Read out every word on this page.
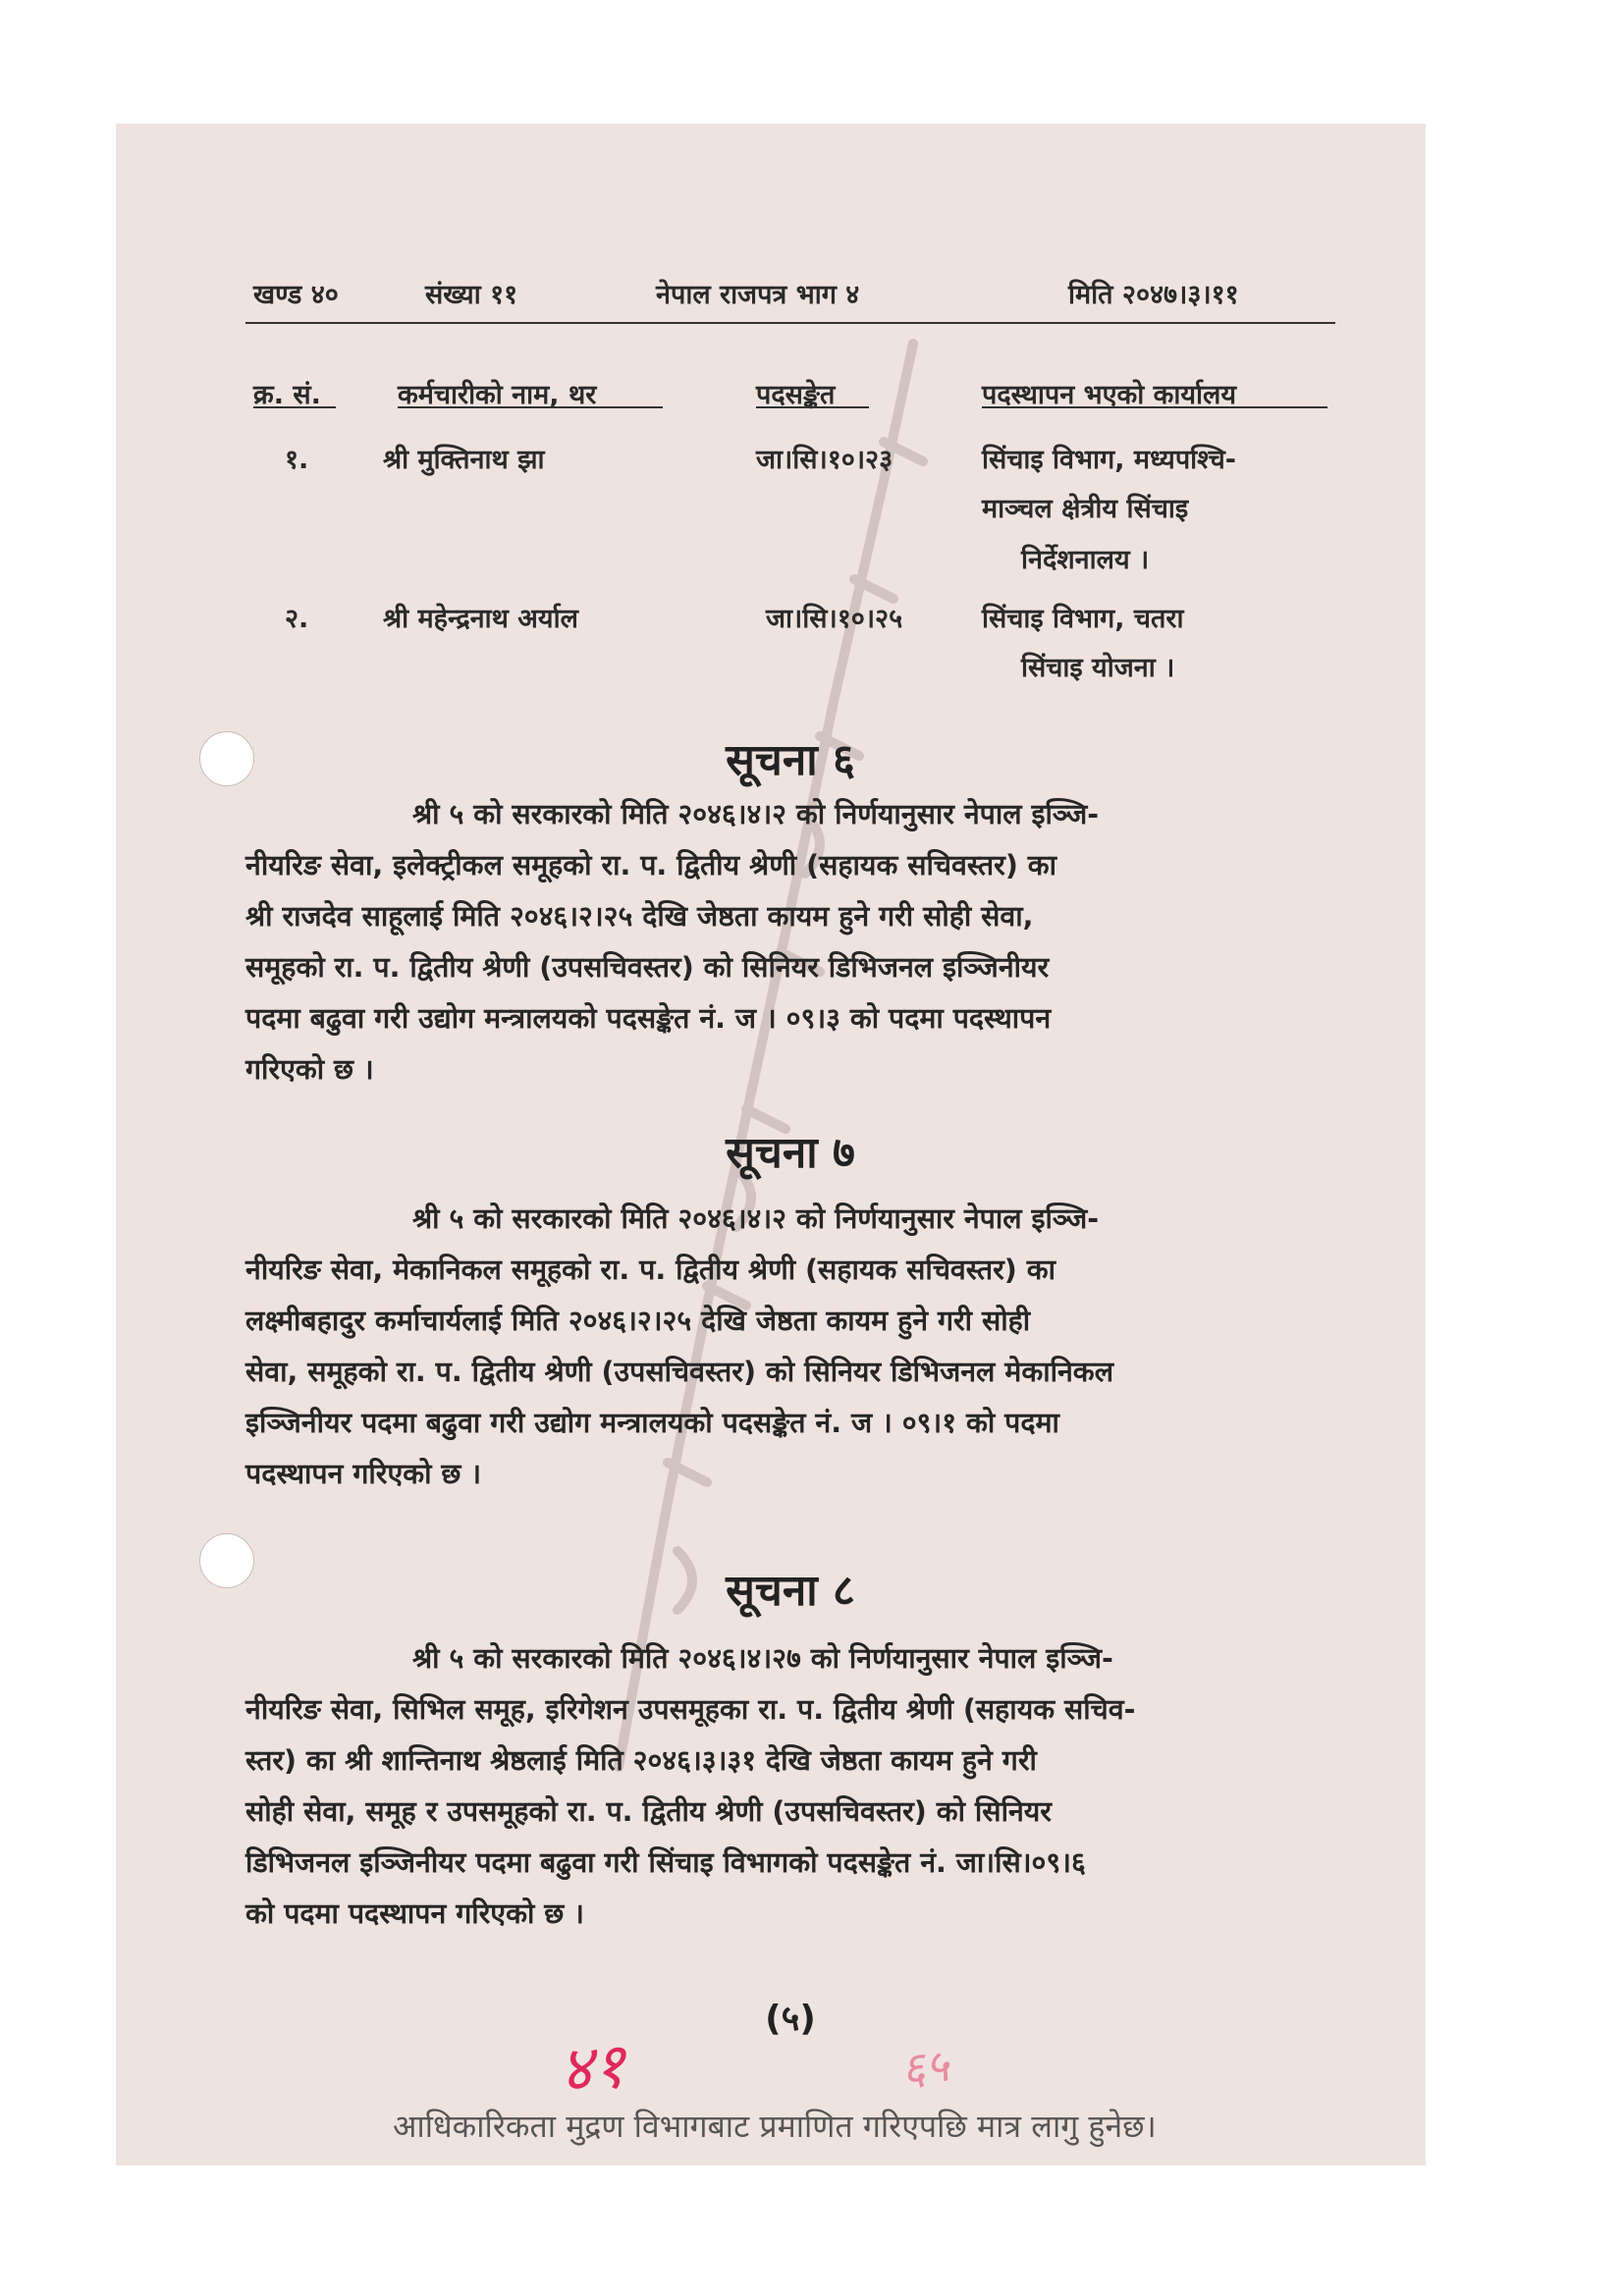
खण्ड ४०	संख्या ११	नेपाल राजपत्र भाग ४	मिति २०४७।३।११
क्र. सं.	कर्मचारीको नाम, थर	पदसङ्केत	पदस्थापन भएको कार्यालय
१.	श्री मुक्तिनाथ झा	जा।सि।१०।२३	सिंचाइ विभाग, मध्यपश्चि-
माञ्चल क्षेत्रीय सिंचाइ
निर्देशनालय ।
२.	श्री महेन्द्रनाथ अर्याल	जा।सि।१०।२५	सिंचाइ विभाग, चतरा
सिंचाइ योजना ।
सूचना ६
श्री ५ को सरकारको मिति २०४६।४।२ को निर्णयानुसार नेपाल इञ्जि-
नीयरिङ सेवा, इलेक्ट्रीकल समूहको रा. प. द्वितीय श्रेणी (सहायक सचिवस्तर) का
श्री राजदेव साहूलाई मिति २०४६।२।२५ देखि जेष्ठता कायम हुने गरी सोही सेवा,
समूहको रा. प. द्वितीय श्रेणी (उपसचिवस्तर) को सिनियर डिभिजनल इञ्जिनीयर
पदमा बढुवा गरी उद्योग मन्त्रालयको पदसङ्केत नं. ज । ०९।३ को पदमा पदस्थापन
गरिएको छ ।
सूचना ७
श्री ५ को सरकारको मिति २०४६।४।२ को निर्णयानुसार नेपाल इञ्जि-
नीयरिङ सेवा, मेकानिकल समूहको रा. प. द्वितीय श्रेणी (सहायक सचिवस्तर) का
लक्ष्मीबहादुर कर्माचार्यलाई मिति २०४६।२।२५ देखि जेष्ठता कायम हुने गरी सोही
सेवा, समूहको रा. प. द्वितीय श्रेणी (उपसचिवस्तर) को सिनियर डिभिजनल मेकानिकल
इञ्जिनीयर पदमा बढुवा गरी उद्योग मन्त्रालयको पदसङ्केत नं. ज । ०९।१ को पदमा
पदस्थापन गरिएको छ ।
सूचना ८
श्री ५ को सरकारको मिति २०४६।४।२७ को निर्णयानुसार नेपाल इञ्जि-
नीयरिङ सेवा, सिभिल समूह, इरिगेशन उपसमूहका रा. प. द्वितीय श्रेणी (सहायक सचिव-
स्तर) का श्री शान्तिनाथ श्रेष्ठलाई मिति २०४६।३।३१ देखि जेष्ठता कायम हुने गरी
सोही सेवा, समूह र उपसमूहको रा. प. द्वितीय श्रेणी (उपसचिवस्तर) को सिनियर
डिभिजनल इञ्जिनीयर पदमा बढुवा गरी सिंचाइ विभागको पदसङ्केत नं. जा।सि।०९।६
को पदमा पदस्थापन गरिएको छ ।
(५)
४१	६५
आधिकारिकता मुद्रण विभागबाट प्रमाणित गरिएपछि मात्र लागु हुनेछ।
